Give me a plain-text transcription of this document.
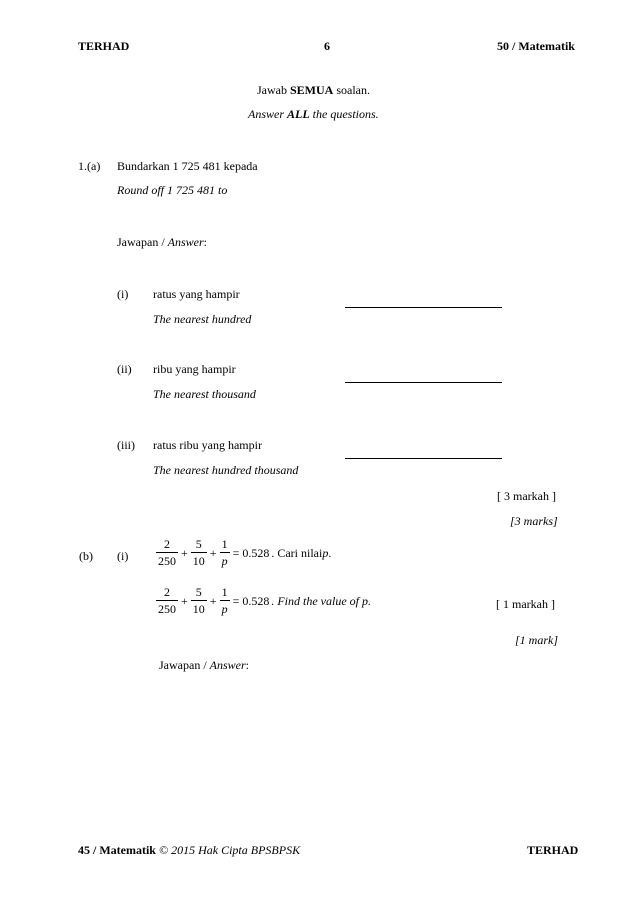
TERHAD	6	50 / Matematik
Jawab SEMUA soalan.
Answer ALL the questions.
1.(a) Bundarkan 1 725 481 kepada
Round off 1 725 481 to
Jawapan / Answer:
(i) ratus yang hampir
The nearest hundred
(ii) ribu yang hampir
The nearest thousand
(iii) ratus ribu yang hampir
The nearest hundred thousand
[ 3 markah ]
[3 marks]
(b) $(i) \frac{2}{250} + \frac{5}{10} + \frac{1}{p} = 0.528$ . Cari nilai p .
$\frac{2}{250} + \frac{5}{10} + \frac{1}{p} = 0.528$ . Find the value of p.	[ 1 markah ]
[1 mark]
Jawapan / Answer:
45 / Matematik © 2015 Hak Cipta BPSBPSK	TERHAD
